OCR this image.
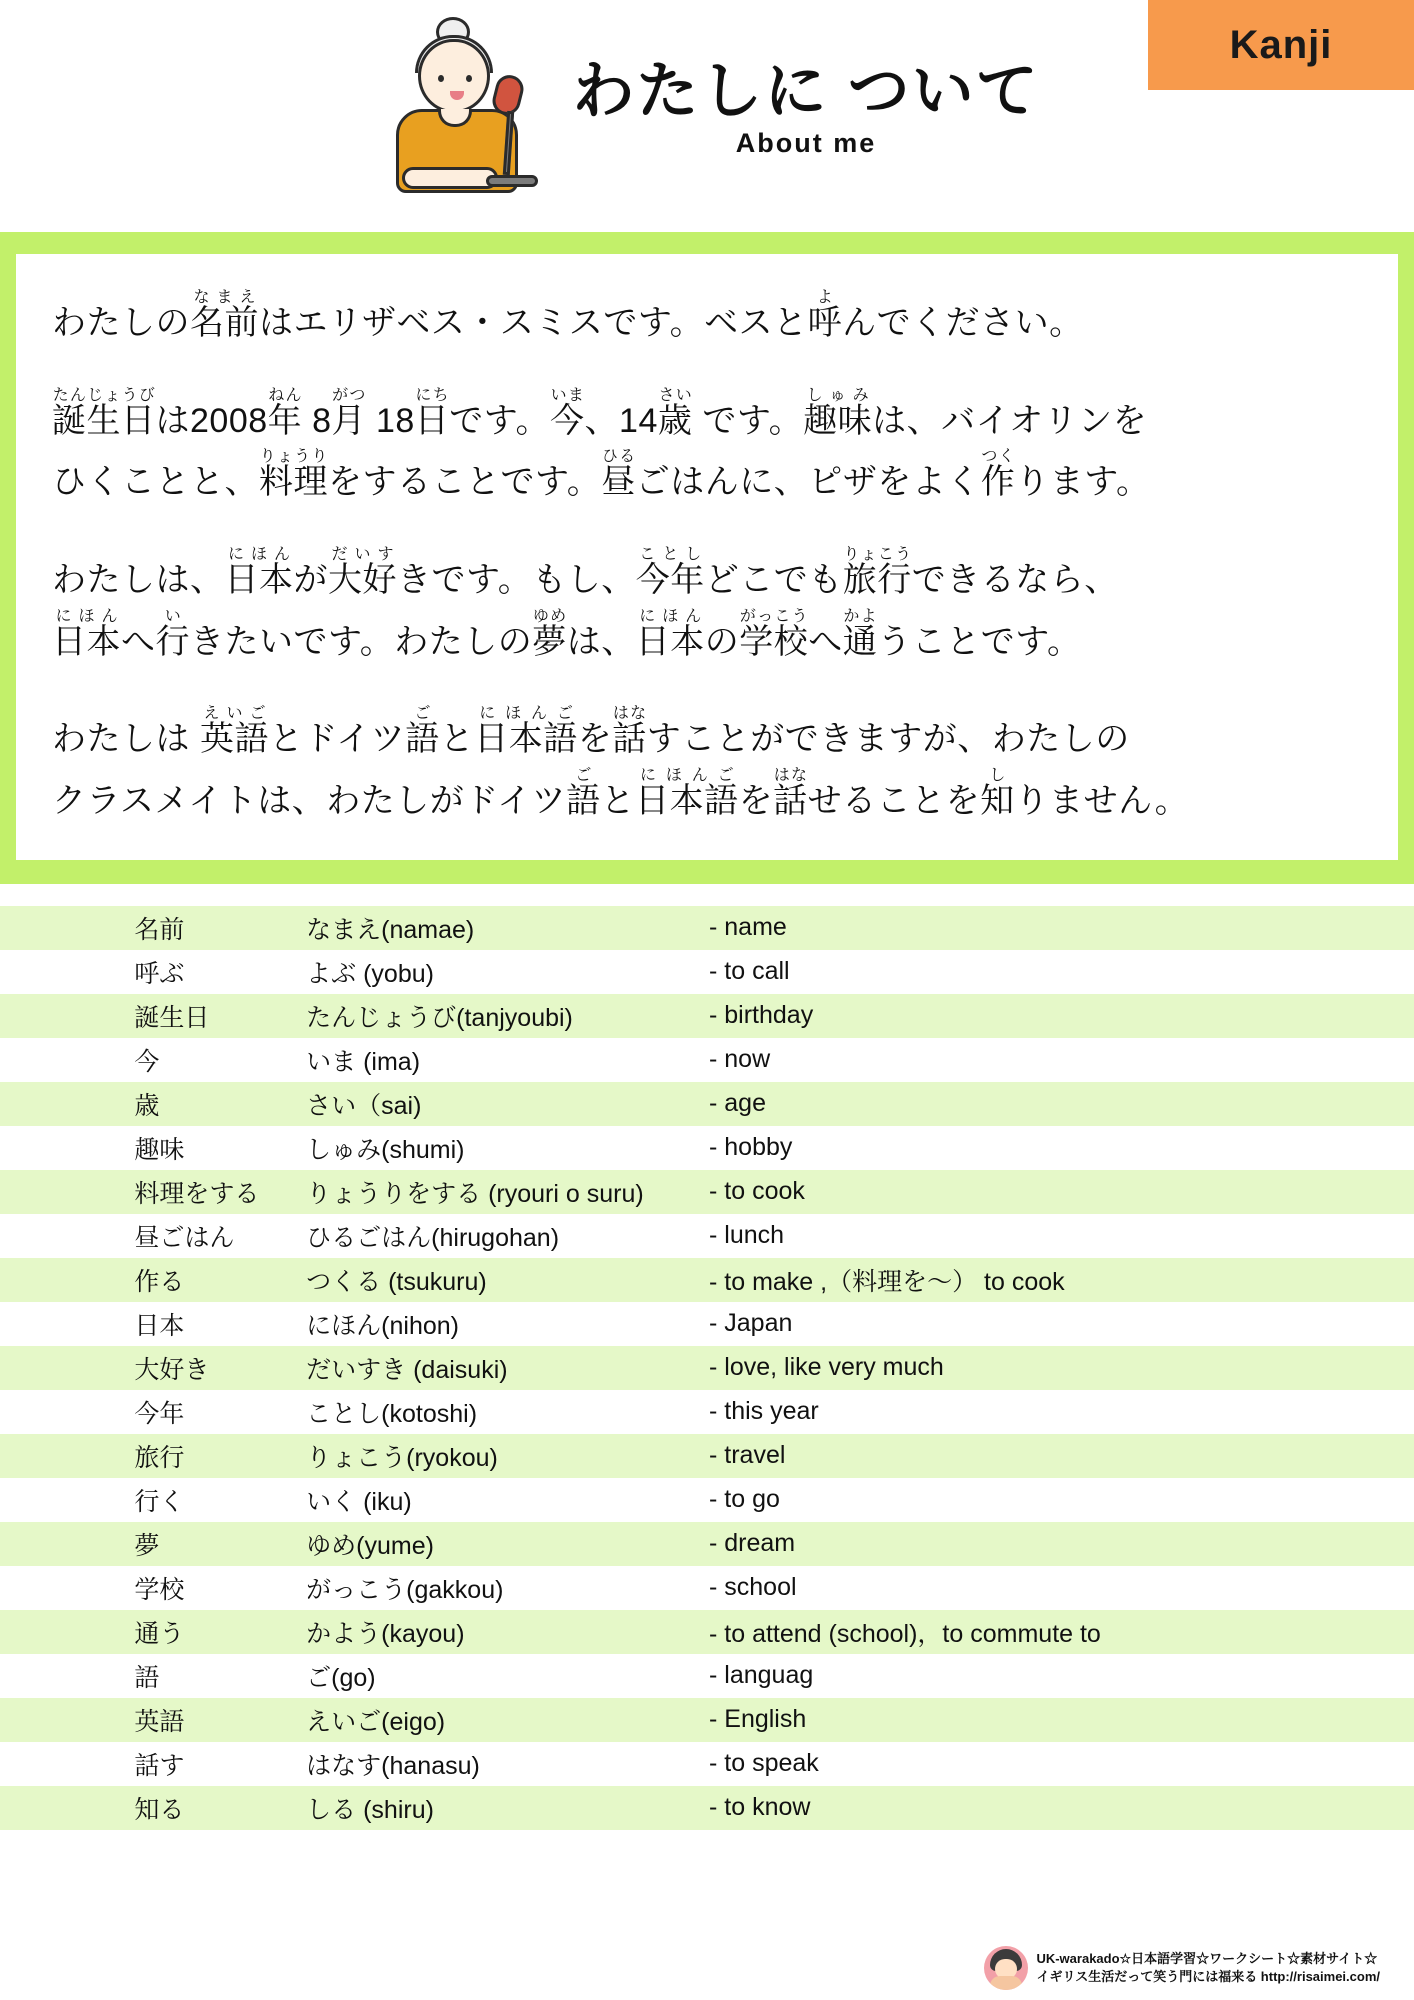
Kanji
わたしに ついて
About me
わたしの名前なまえはエリザベス・スミスです。ベスと呼よんでください。
誕生日たんじょうびは2008年ねん 8月がつ 18日にちです。今いま、14歳さい です。趣味しゅみは、バイオリンを
ひくことと、料理りょうりをすることです。昼ひるごはんに、ピザをよく作つくります。
わたしは、日本にほんが大好だいすきです。もし、今年ことしどこでも旅行りょこうできるなら、
日本にほんへ行いきたいです。わたしの夢ゆめは、日本にほんの学校がっこうへ通かようことです。
わたしは 英語えいごとドイツ語ごと日本語にほんごを話はなすことができますが、わたしの
クラスメイトは、わたしがドイツ語ごと日本語にほんごを話はなせることを知しりません。
	名前	なまえ(namae)	- name
	呼ぶ	よぶ (yobu)	- to call
	誕生日	たんじょうび(tanjyoubi)	- birthday
	今	いま (ima)	- now
	歳	さい（sai)	- age
	趣味	しゅみ(shumi)	- hobby
	料理をする	りょうりをする (ryouri o suru)	- to cook
	昼ごはん	ひるごはん(hirugohan)	- lunch
	作る	つくる (tsukuru)	- to make ,（料理を〜） to cook
	日本	にほん(nihon)	- Japan
	大好き	だいすき (daisuki)	- love, like very much
	今年	ことし(kotoshi)	- this year
	旅行	りょこう(ryokou)	- travel
	行く	いく (iku)	- to go
	夢	ゆめ(yume)	- dream
	学校	がっこう(gakkou)	- school
	通う	かよう(kayou)	- to attend (school)，to commute to
	語	ご(go)	- languag
	英語	えいご(eigo)	- English
	話す	はなす(hanasu)	- to speak
	知る	しる (shiru)	- to know
UK-warakado☆日本語学習☆ワークシート☆素材サイト☆
イギリス生活だって笑う門には福来る http://risaimei.com/
